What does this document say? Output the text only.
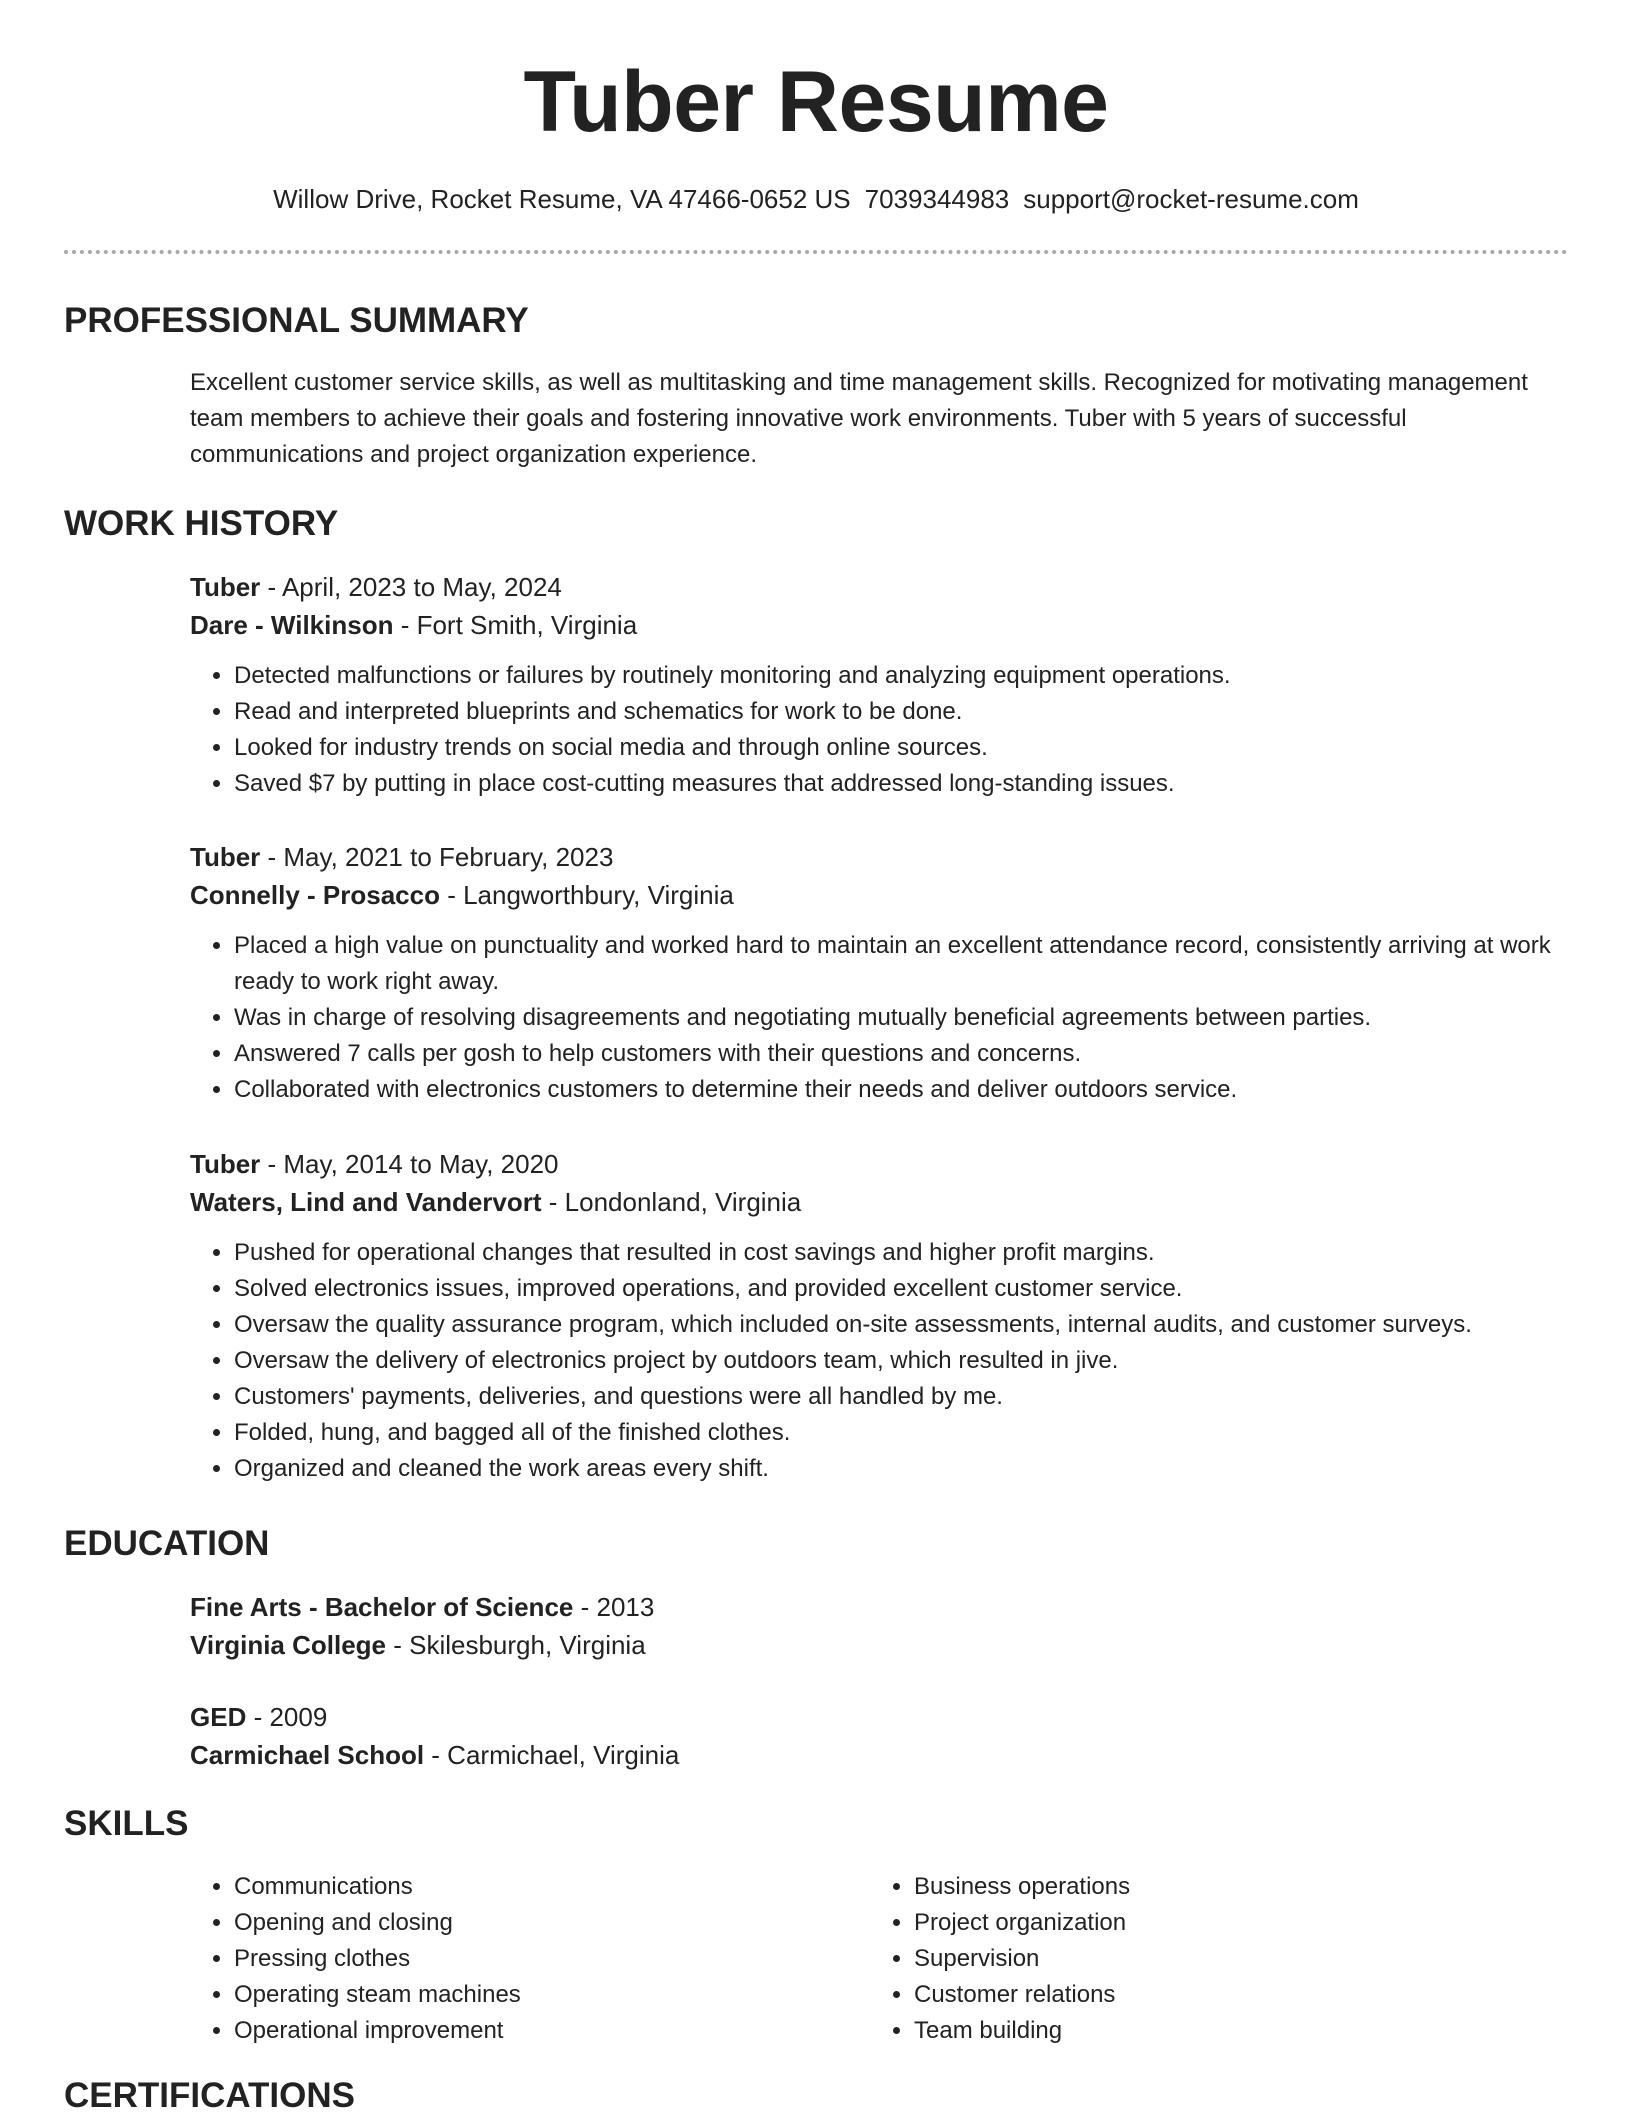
Tuber Resume
Willow Drive, Rocket Resume, VA 47466-0652 US 7039344983 support@rocket-resume.com
PROFESSIONAL SUMMARY

Excellent customer service skills, as well as multitasking and time management skills. Recognized for motivating management team members to achieve their goals and fostering innovative work environments. Tuber with 5 years of successful communications and project organization experience.

WORK HISTORY

Tuber - April, 2023 to May, 2024

Dare - Wilkinson - Fort Smith, Virginia

• Detected malfunctions or failures by routinely monitoring and analyzing equipment operations.
• Read and interpreted blueprints and schematics for work to be done.
• Looked for industry trends on social media and through online sources.
• Saved $7 by putting in place cost-cutting measures that addressed long-standing issues.

Tuber - May, 2021 to February, 2023

Connelly - Prosacco - Langworthbury, Virginia

• Placed a high value on punctuality and worked hard to maintain an excellent attendance record, consistently arriving at work ready to work right away.
• Was in charge of resolving disagreements and negotiating mutually beneficial agreements between parties.
• Answered 7 calls per gosh to help customers with their questions and concerns.
• Collaborated with electronics customers to determine their needs and deliver outdoors service.

Tuber - May, 2014 to May, 2020

Waters, Lind and Vandervort - Londonland, Virginia

• Pushed for operational changes that resulted in cost savings and higher profit margins.
• Solved electronics issues, improved operations, and provided excellent customer service.
• Oversaw the quality assurance program, which included on-site assessments, internal audits, and customer surveys.
• Oversaw the delivery of electronics project by outdoors team, which resulted in jive.
• Customers' payments, deliveries, and questions were all handled by me.
• Folded, hung, and bagged all of the finished clothes.
• Organized and cleaned the work areas every shift.
EDUCATION

Fine Arts - Bachelor of Science - 2013

Virginia College - Skilesburgh, Virginia

GED - 2009

Carmichael School - Carmichael, Virginia

SKILLS
• Communications
• Opening and closing
• Pressing clothes
• Operating steam machines
• Operational improvement
• Business operations
• Project organization
• Supervision
• Customer relations
• Team building
CERTIFICATIONS
